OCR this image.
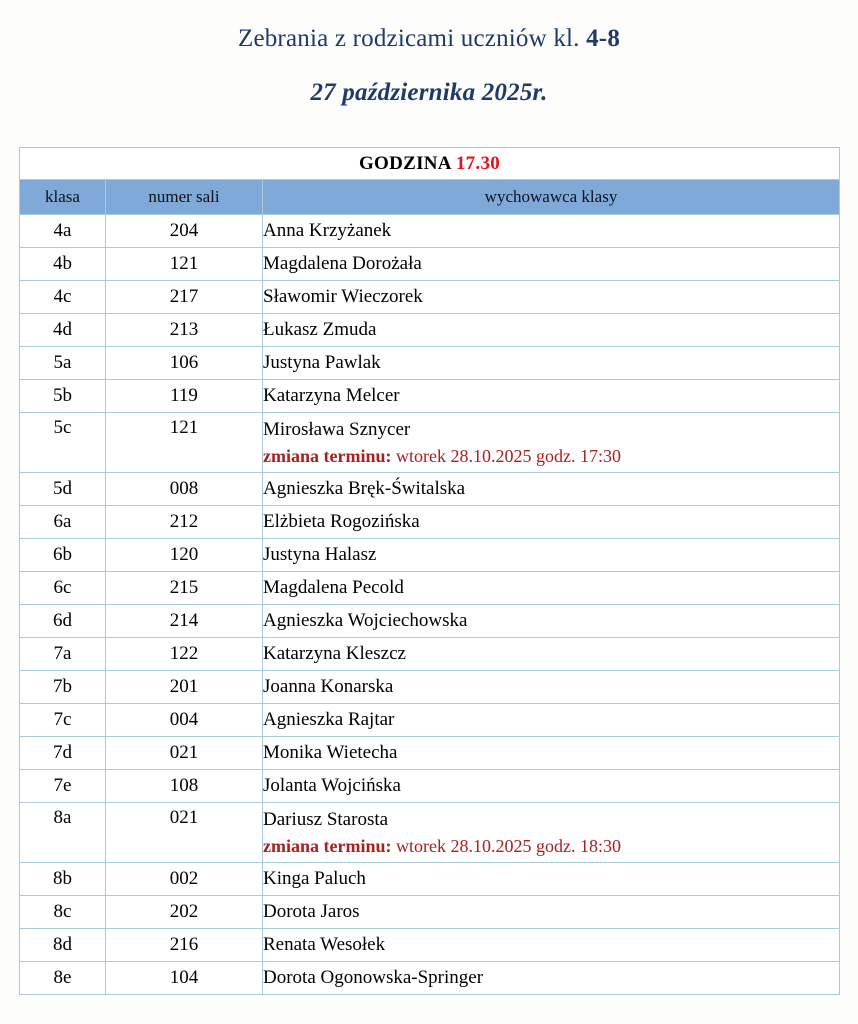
Zebrania z rodzicami uczniów kl. 4-8
27 października 2025r.
GODZINA 17.30		
klasa	numer sali	wychowawca klasy
4a	204	Anna Krzyżanek
4b	121	Magdalena Dorożała
4c	217	Sławomir Wieczorek
4d	213	Łukasz Zmuda
5a	106	Justyna Pawlak
5b	119	Katarzyna Melcer
5c	121	Mirosława Sznycer
zmiana terminu: wtorek 28.10.2025 godz. 17:30

5d	008	Agnieszka Bręk-Świtalska
6a	212	Elżbieta Rogozińska
6b	120	Justyna Halasz
6c	215	Magdalena Pecold
6d	214	Agnieszka Wojciechowska
7a	122	Katarzyna Kleszcz
7b	201	Joanna Konarska
7c	004	Agnieszka Rajtar
7d	021	Monika Wietecha
7e	108	Jolanta Wojcińska
8a	021	Dariusz Starosta
zmiana terminu: wtorek 28.10.2025 godz. 18:30

8b	002	Kinga Paluch
8c	202	Dorota Jaros
8d	216	Renata Wesołek
8e	104	Dorota Ogonowska-Springer
